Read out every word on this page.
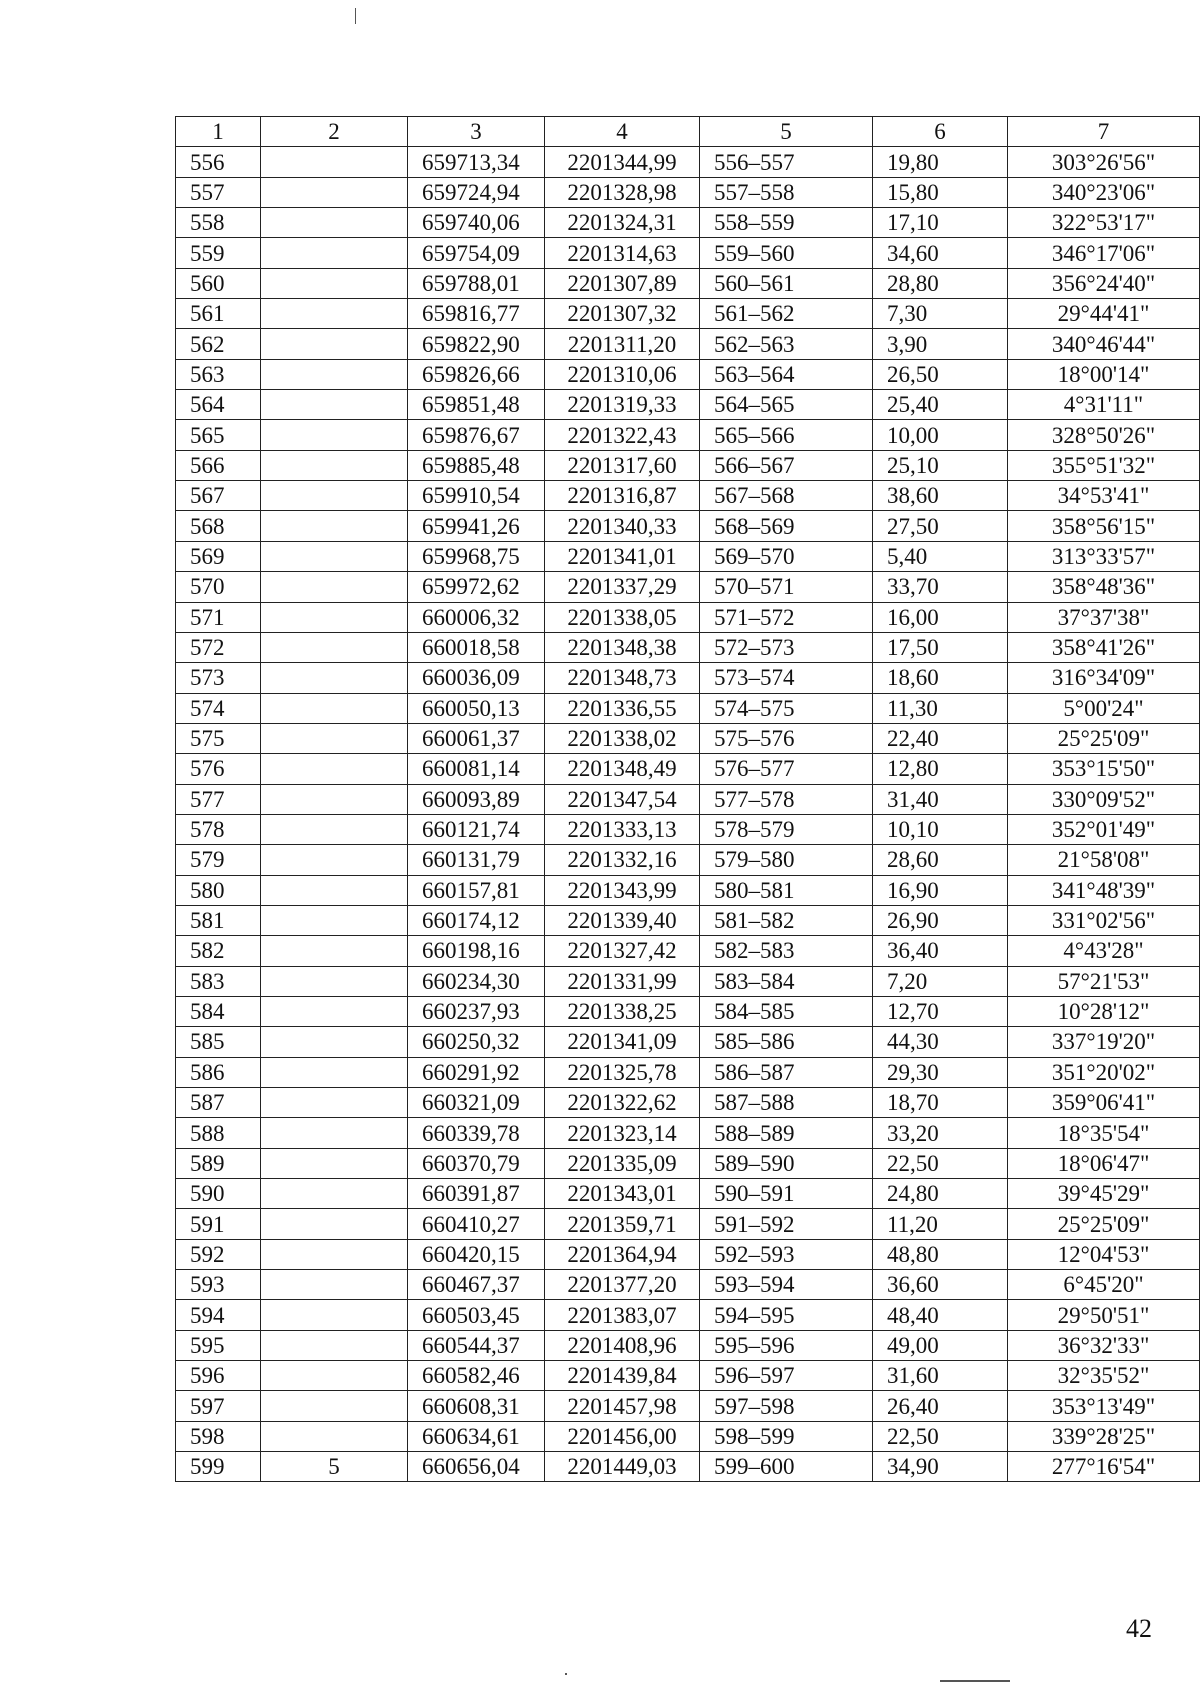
1	2	3	4	5	6	7
556		659713,34	2201344,99	556–557	19,80	303°26'56"
557		659724,94	2201328,98	557–558	15,80	340°23'06"
558		659740,06	2201324,31	558–559	17,10	322°53'17"
559		659754,09	2201314,63	559–560	34,60	346°17'06"
560		659788,01	2201307,89	560–561	28,80	356°24'40"
561		659816,77	2201307,32	561–562	7,30	29°44'41"
562		659822,90	2201311,20	562–563	3,90	340°46'44"
563		659826,66	2201310,06	563–564	26,50	18°00'14"
564		659851,48	2201319,33	564–565	25,40	4°31'11"
565		659876,67	2201322,43	565–566	10,00	328°50'26"
566		659885,48	2201317,60	566–567	25,10	355°51'32"
567		659910,54	2201316,87	567–568	38,60	34°53'41"
568		659941,26	2201340,33	568–569	27,50	358°56'15"
569		659968,75	2201341,01	569–570	5,40	313°33'57"
570		659972,62	2201337,29	570–571	33,70	358°48'36"
571		660006,32	2201338,05	571–572	16,00	37°37'38"
572		660018,58	2201348,38	572–573	17,50	358°41'26"
573		660036,09	2201348,73	573–574	18,60	316°34'09"
574		660050,13	2201336,55	574–575	11,30	5°00'24"
575		660061,37	2201338,02	575–576	22,40	25°25'09"
576		660081,14	2201348,49	576–577	12,80	353°15'50"
577		660093,89	2201347,54	577–578	31,40	330°09'52"
578		660121,74	2201333,13	578–579	10,10	352°01'49"
579		660131,79	2201332,16	579–580	28,60	21°58'08"
580		660157,81	2201343,99	580–581	16,90	341°48'39"
581		660174,12	2201339,40	581–582	26,90	331°02'56"
582		660198,16	2201327,42	582–583	36,40	4°43'28"
583		660234,30	2201331,99	583–584	7,20	57°21'53"
584		660237,93	2201338,25	584–585	12,70	10°28'12"
585		660250,32	2201341,09	585–586	44,30	337°19'20"
586		660291,92	2201325,78	586–587	29,30	351°20'02"
587		660321,09	2201322,62	587–588	18,70	359°06'41"
588		660339,78	2201323,14	588–589	33,20	18°35'54"
589		660370,79	2201335,09	589–590	22,50	18°06'47"
590		660391,87	2201343,01	590–591	24,80	39°45'29"
591		660410,27	2201359,71	591–592	11,20	25°25'09"
592		660420,15	2201364,94	592–593	48,80	12°04'53"
593		660467,37	2201377,20	593–594	36,60	6°45'20"
594		660503,45	2201383,07	594–595	48,40	29°50'51"
595		660544,37	2201408,96	595–596	49,00	36°32'33"
596		660582,46	2201439,84	596–597	31,60	32°35'52"
597		660608,31	2201457,98	597–598	26,40	353°13'49"
598		660634,61	2201456,00	598–599	22,50	339°28'25"
599	5	660656,04	2201449,03	599–600	34,90	277°16'54"
42
